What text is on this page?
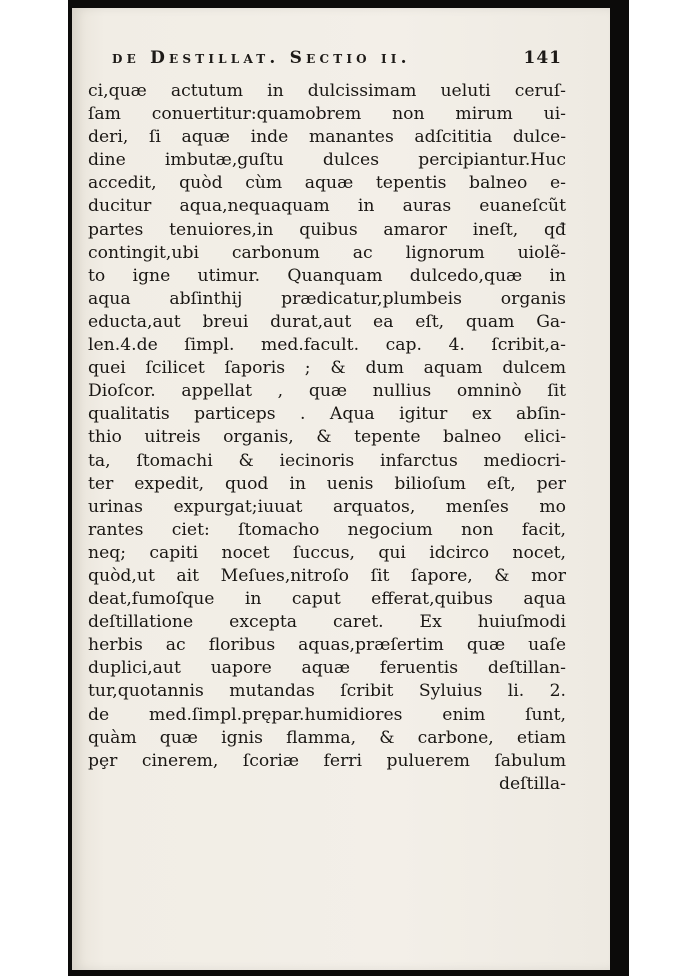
de Destillat. Sectio ii.	141
ci,quæ actutum in dulcissimam ueluti ceruſ-
ſam conuertitur:quamobrem non mirum ui-
deri, ſi aquæ inde manantes adſcititia dulce-
dine imbutæ,guſtu dulces percipiantur.Huc
accedit, quòd cùm aquæ tepentis balneo e-
ducitur aqua,nequaquam in auras euaneſcũt
partes tenuiores,in quibus amaror ineſt, qđ
contingit,ubi carbonum ac lignorum uiolẽ-
to igne utimur. Quanquam dulcedo,quæ in
aqua abſinthij prædicatur,plumbeis organis
educta,aut breui durat,aut ea eſt, quam Ga-
len.4.de ſimpl. med.facult. cap. 4. ſcribit,a-
quei ſcilicet ſaporis ; & dum aquam dulcem
Dioſcor. appellat , quæ nullius omninò ſit
qualitatis particeps . Aqua igitur ex abſin-
thio uitreis organis, & tepente balneo elici-
ta, ſtomachi & iecinoris infarctus mediocri-
ter expedit, quod in uenis bilioſum eſt, per
urinas expurgat;iuuat arquatos, menſes mo
rantes ciet: ſtomacho negocium non facit,
neq; capiti nocet ſuccus, qui idcirco nocet,
quòd,ut ait Meſues,nitroſo ſit ſapore, & mor
deat,fumoſque in caput efferat,quibus aqua
deſtillatione excepta caret. Ex huiuſmodi
herbis ac floribus aquas,præſertim quæ uaſe
duplici,aut uapore aquæ feruentis deſtillan-
tur,quotannis mutandas ſcribit Syluius li. 2.
de med.ſimpl.prępar.humidiores enim ſunt,
quàm quæ ignis flamma, & carbone, etiam
pȩr cinerem, ſcoriæ ferri puluerem ſabulum
deſtilla-
